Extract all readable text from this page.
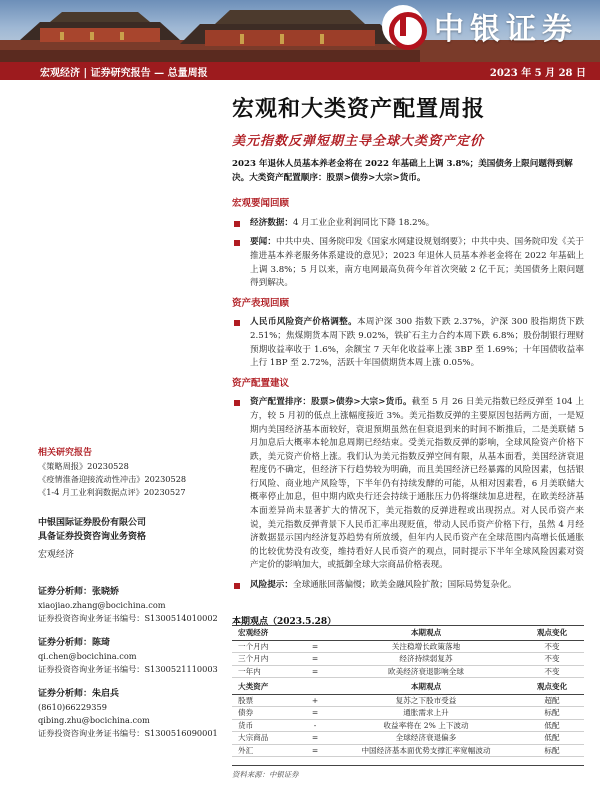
中银证券
宏观经济 | 证券研究报告 — 总量周报	2023 年 5 月 28 日
宏观和大类资产配置周报
美元指数反弹短期主导全球大类资产定价

2023 年退休人员基本养老金将在 2022 年基础上上调 3.8%；美国债务上限问题得到解决。大类资产配置顺序：股票>债券>大宗>货币。

宏观要闻回顾
经济数据：4 月工业企业利润同比下降 18.2%。
要闻：中共中央、国务院印发《国家水网建设规划纲要》；中共中央、国务院印发《关于推进基本养老服务体系建设的意见》；2023 年退休人员基本养老金将在 2022 年基础上上调 3.8%；5 月以来，南方电网最高负荷今年首次突破 2 亿千瓦；美国债务上限问题得到解决。
资产表现回顾
人民币风险资产价格调整。本周沪深 300 指数下跌 2.37%，沪深 300 股指期货下跌 2.51%；焦煤期货本周下跌 9.02%，铁矿石主力合约本周下跌 6.8%；股份制银行理财预期收益率收于 1.6%，余额宝 7 天年化收益率上涨 3BP 至 1.69%；十年国债收益率上行 1BP 至 2.72%，活跃十年国债期货本周上涨 0.05%。
资产配置建议
资产配置排序：股票>债券>大宗>货币。截至 5 月 26 日美元指数已经反弹至 104 上方，较 5 月初的低点上涨幅度接近 3%。美元指数反弹的主要原因包括两方面，一是短期内美国经济基本面较好，衰退预期虽然在但衰退到来的时间不断推后，二是美联储 5 月加息后大概率本轮加息周期已经结束。受美元指数反弹的影响，全球风险资产价格下跌，美元资产价格上涨。我们认为美元指数反弹空间有限，从基本面看，美国经济衰退程度仍不确定，但经济下行趋势较为明确，而且美国经济已经暴露的风险因素，包括银行风险、商业地产风险等，下半年仍有持续发酵的可能，从相对因素看，6 月美联储大概率停止加息，但中期内欧央行还会持续于通胀压力仍将继续加息进程，在欧美经济基本面差异尚未显著扩大的情况下，美元指数的反弹进程或出现拐点。对人民币资产来说，美元指数反弹背景下人民币汇率出现贬值，带动人民币资产价格下行，虽然 4 月经济数据显示国内经济复苏趋势有所放缓，但年内人民币资产在全球范围内高增长低通胀的比较优势没有改变，维持看好人民币资产的观点，同时提示下半年全球风险因素对资产定价的影响加大，或抵御全球大宗商品价格表现。
风险提示：全球通胀回落偏慢；欧美金融风险扩散；国际局势复杂化。
相关研究报告
《策略周报》20230528
《疫情淮备迎接流动性冲击》20230528
《1-4 月工业利润数据点评》20230527
中银国际证券股份有限公司
具备证券投资咨询业务资格
宏观经济
证券分析师：张晓娇
xiaojiao.zhang@bocichina.com
证券投资咨询业务证书编号：S1300514010002
证券分析师：陈琦
qi.chen@bocichina.com
证券投资咨询业务证书编号：S1300521110003
证券分析师：朱启兵
(8610)66229359
qibing.zhu@bocichina.com
证券投资咨询业务证书编号：S1300516090001
本期观点（2023.5.28）
宏观经济		本期观点	观点变化
一个月内	=	关注稳增长政策落地	不变
三个月内	=	经济持续弱复苏	不变
一年内	=	欧美经济衰退影响全球	不变
大类资产		本期观点	观点变化
股票	+	复苏之下股市受益	超配
债券	=	通胀需求上升	标配
货币	-	收益率将在 2% 上下波动	低配
大宗商品	=	全球经济衰退偏多	低配
外汇	=	中国经济基本面优势支撑汇率宽幅波动	标配
资料来源：中银证券
